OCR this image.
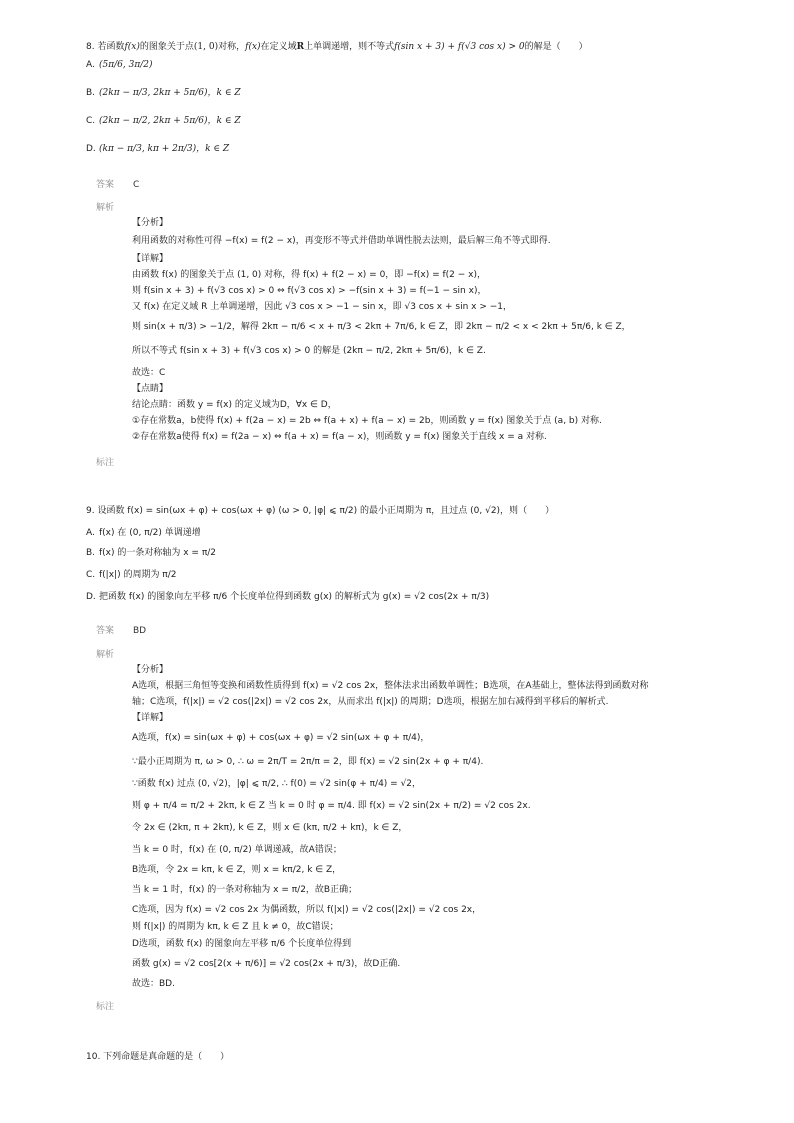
8. 若函数f(x)的图象关于点(1, 0)对称，f(x)在定义域R上单调递增，则不等式f(sin x + 3) + f(√3 cos x) > 0的解是（　　）
A. (5π/6, 3π/2)
B. (2kπ − π/3, 2kπ + 5π/6)，k ∈ Z
C. (2kπ − π/2, 2kπ + 5π/6)，k ∈ Z
D. (kπ − π/3, kπ + 2π/3)，k ∈ Z
答案 C
解析
【分析】
利用函数的对称性可得 −f(x) = f(2 − x)，再变形不等式并借助单调性脱去法则，最后解三角不等式即得.
【详解】
由函数 f(x) 的图象关于点 (1, 0) 对称，得 f(x) + f(2 − x) = 0，即 −f(x) = f(2 − x)，
则 f(sin x + 3) + f(√3 cos x) > 0 ⇔ f(√3 cos x) > −f(sin x + 3) = f(−1 − sin x)，
又 f(x) 在定义域 R 上单调递增，因此 √3 cos x > −1 − sin x，即 √3 cos x + sin x > −1，
则 sin(x + π/3) > −1/2，解得 2kπ − π/6 < x + π/3 < 2kπ + 7π/6, k ∈ Z，即 2kπ − π/2 < x < 2kπ + 5π/6, k ∈ Z，
所以不等式 f(sin x + 3) + f(√3 cos x) > 0 的解是 (2kπ − π/2, 2kπ + 5π/6)，k ∈ Z.
故选：C
【点睛】
结论点睛：函数 y = f(x) 的定义域为D，∀x ∈ D，
①存在常数a，b使得 f(x) + f(2a − x) = 2b ⇔ f(a + x) + f(a − x) = 2b，则函数 y = f(x) 图象关于点 (a, b) 对称.
②存在常数a使得 f(x) = f(2a − x) ⇔ f(a + x) = f(a − x)，则函数 y = f(x) 图象关于直线 x = a 对称.
标注
9. 设函数 f(x) = sin(ωx + φ) + cos(ωx + φ) (ω > 0, |φ| ⩽ π/2) 的最小正周期为 π，且过点 (0, √2)，则（　　）
A. f(x) 在 (0, π/2) 单调递增
B. f(x) 的一条对称轴为 x = π/2
C. f(|x|) 的周期为 π/2
D. 把函数 f(x) 的图象向左平移 π/6 个长度单位得到函数 g(x) 的解析式为 g(x) = √2 cos(2x + π/3)
答案 BD
解析
【分析】
A选项，根据三角恒等变换和函数性质得到 f(x) = √2 cos 2x，整体法求出函数单调性；B选项，在A基础上，整体法得到函数对称
轴；C选项，f(|x|) = √2 cos(|2x|) = √2 cos 2x，从而求出 f(|x|) 的周期；D选项，根据左加右减得到平移后的解析式.
【详解】
A选项，f(x) = sin(ωx + φ) + cos(ωx + φ) = √2 sin(ωx + φ + π/4)，
∵最小正周期为 π, ω > 0, ∴ ω = 2π/T = 2π/π = 2，即 f(x) = √2 sin(2x + φ + π/4).
∵函数 f(x) 过点 (0, √2)，|φ| ⩽ π/2, ∴ f(0) = √2 sin(φ + π/4) = √2，
则 φ + π/4 = π/2 + 2kπ, k ∈ Z 当 k = 0 时 φ = π/4. 即 f(x) = √2 sin(2x + π/2) = √2 cos 2x.
令 2x ∈ (2kπ, π + 2kπ), k ∈ Z，则 x ∈ (kπ, π/2 + kπ)，k ∈ Z，
当 k = 0 时，f(x) 在 (0, π/2) 单调递减，故A错误；
B选项，令 2x = kπ, k ∈ Z，则 x = kπ/2, k ∈ Z，
当 k = 1 时，f(x) 的一条对称轴为 x = π/2，故B正确；
C选项，因为 f(x) = √2 cos 2x 为偶函数，所以 f(|x|) = √2 cos(|2x|) = √2 cos 2x，
则 f(|x|) 的周期为 kπ, k ∈ Z 且 k ≠ 0，故C错误；
D选项，函数 f(x) 的图象向左平移 π/6 个长度单位得到
函数 g(x) = √2 cos[2(x + π/6)] = √2 cos(2x + π/3)，故D正确.
故选：BD.
标注
10. 下列命题是真命题的是（　　）
